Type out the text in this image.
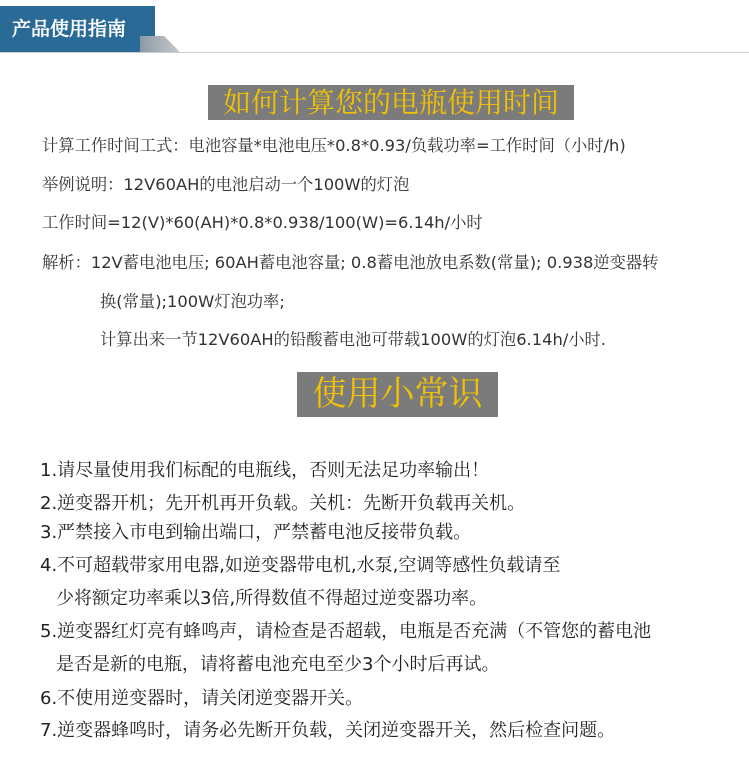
产品使用指南
如何计算您的电瓶使用时间
计算工作时间工式：电池容量*电池电压*0.8*0.93/负载功率=工作时间（小时/h)
举例说明：12V60AH的电池启动一个100W的灯泡
工作时间=12(V)*60(AH)*0.8*0.938/100(W)=6.14h/小时
解析：12V蓄电池电压; 60AH蓄电池容量; 0.8蓄电池放电系数(常量); 0.938逆变器转
换(常量);100W灯泡功率;
计算出来一节12V60AH的铅酸蓄电池可带载100W的灯泡6.14h/小时.
使用小常识
1.请尽量使用我们标配的电瓶线，否则无法足功率输出！
2.逆变器开机；先开机再开负载。关机：先断开负载再关机。
3.严禁接入市电到输出端口，严禁蓄电池反接带负载。
4.不可超载带家用电器,如逆变器带电机,水泵,空调等感性负载请至
少将额定功率乘以3倍,所得数值不得超过逆变器功率。
5.逆变器红灯亮有蜂鸣声，请检查是否超载，电瓶是否充满（不管您的蓄电池
是否是新的电瓶，请将蓄电池充电至少3个小时后再试。
6.不使用逆变器时，请关闭逆变器开关。
7.逆变器蜂鸣时，请务必先断开负载，关闭逆变器开关，然后检查问题。
